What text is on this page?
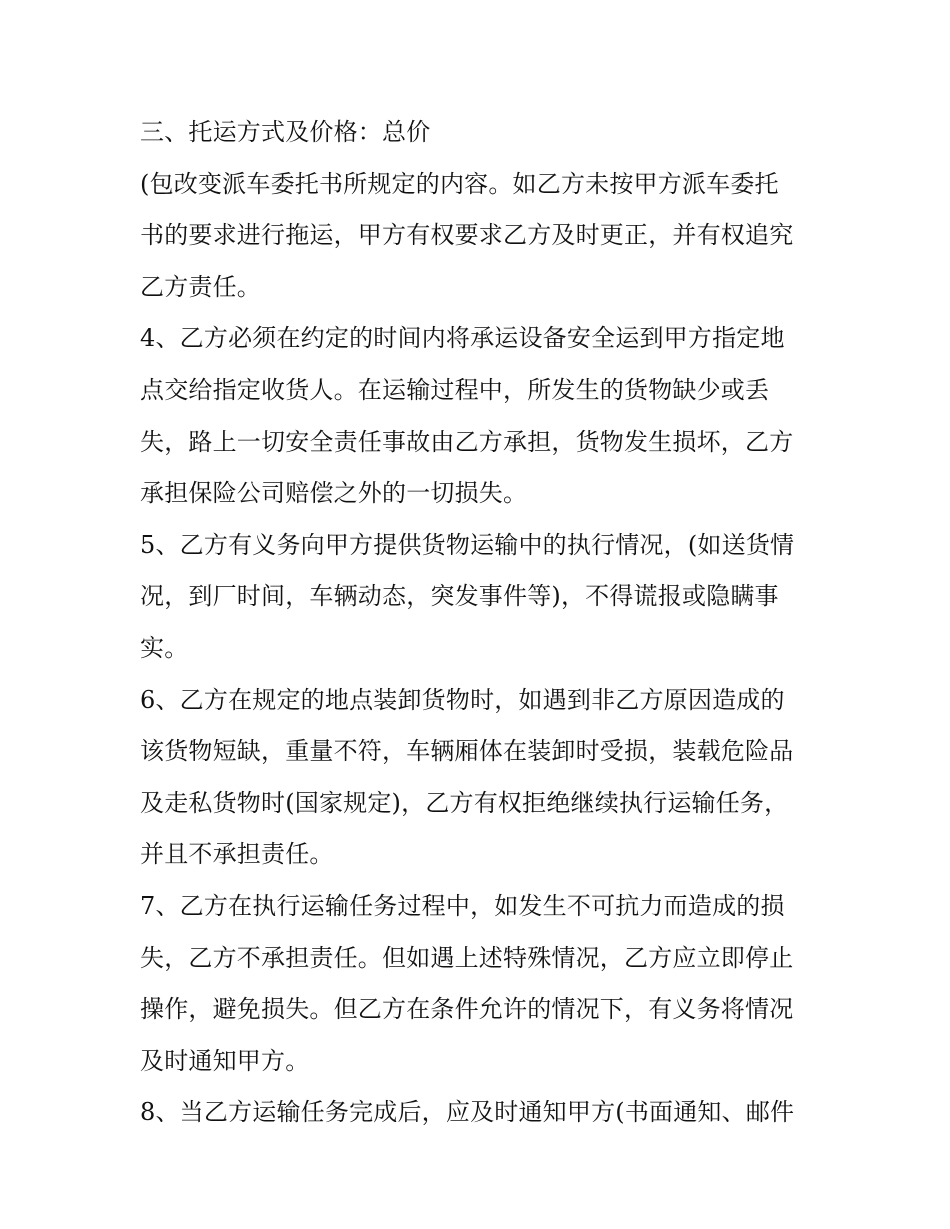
三、托运方式及价格：总价
(包改变派车委托书所规定的内容。如乙方未按甲方派车委托
书的要求进行拖运，甲方有权要求乙方及时更正，并有权追究
乙方责任。
4、乙方必须在约定的时间内将承运设备安全运到甲方指定地
点交给指定收货人。在运输过程中，所发生的货物缺少或丢
失，路上一切安全责任事故由乙方承担，货物发生损坏，乙方
承担保险公司赔偿之外的一切损失。
5、乙方有义务向甲方提供货物运输中的执行情况，(如送货情
况，到厂时间，车辆动态，突发事件等)，不得谎报或隐瞒事
实。
6、乙方在规定的地点装卸货物时，如遇到非乙方原因造成的
该货物短缺，重量不符，车辆厢体在装卸时受损，装载危险品
及走私货物时(国家规定)，乙方有权拒绝继续执行运输任务，
并且不承担责任。
7、乙方在执行运输任务过程中，如发生不可抗力而造成的损
失，乙方不承担责任。但如遇上述特殊情况，乙方应立即停止
操作，避免损失。但乙方在条件允许的情况下，有义务将情况
及时通知甲方。
8、当乙方运输任务完成后，应及时通知甲方(书面通知、邮件
